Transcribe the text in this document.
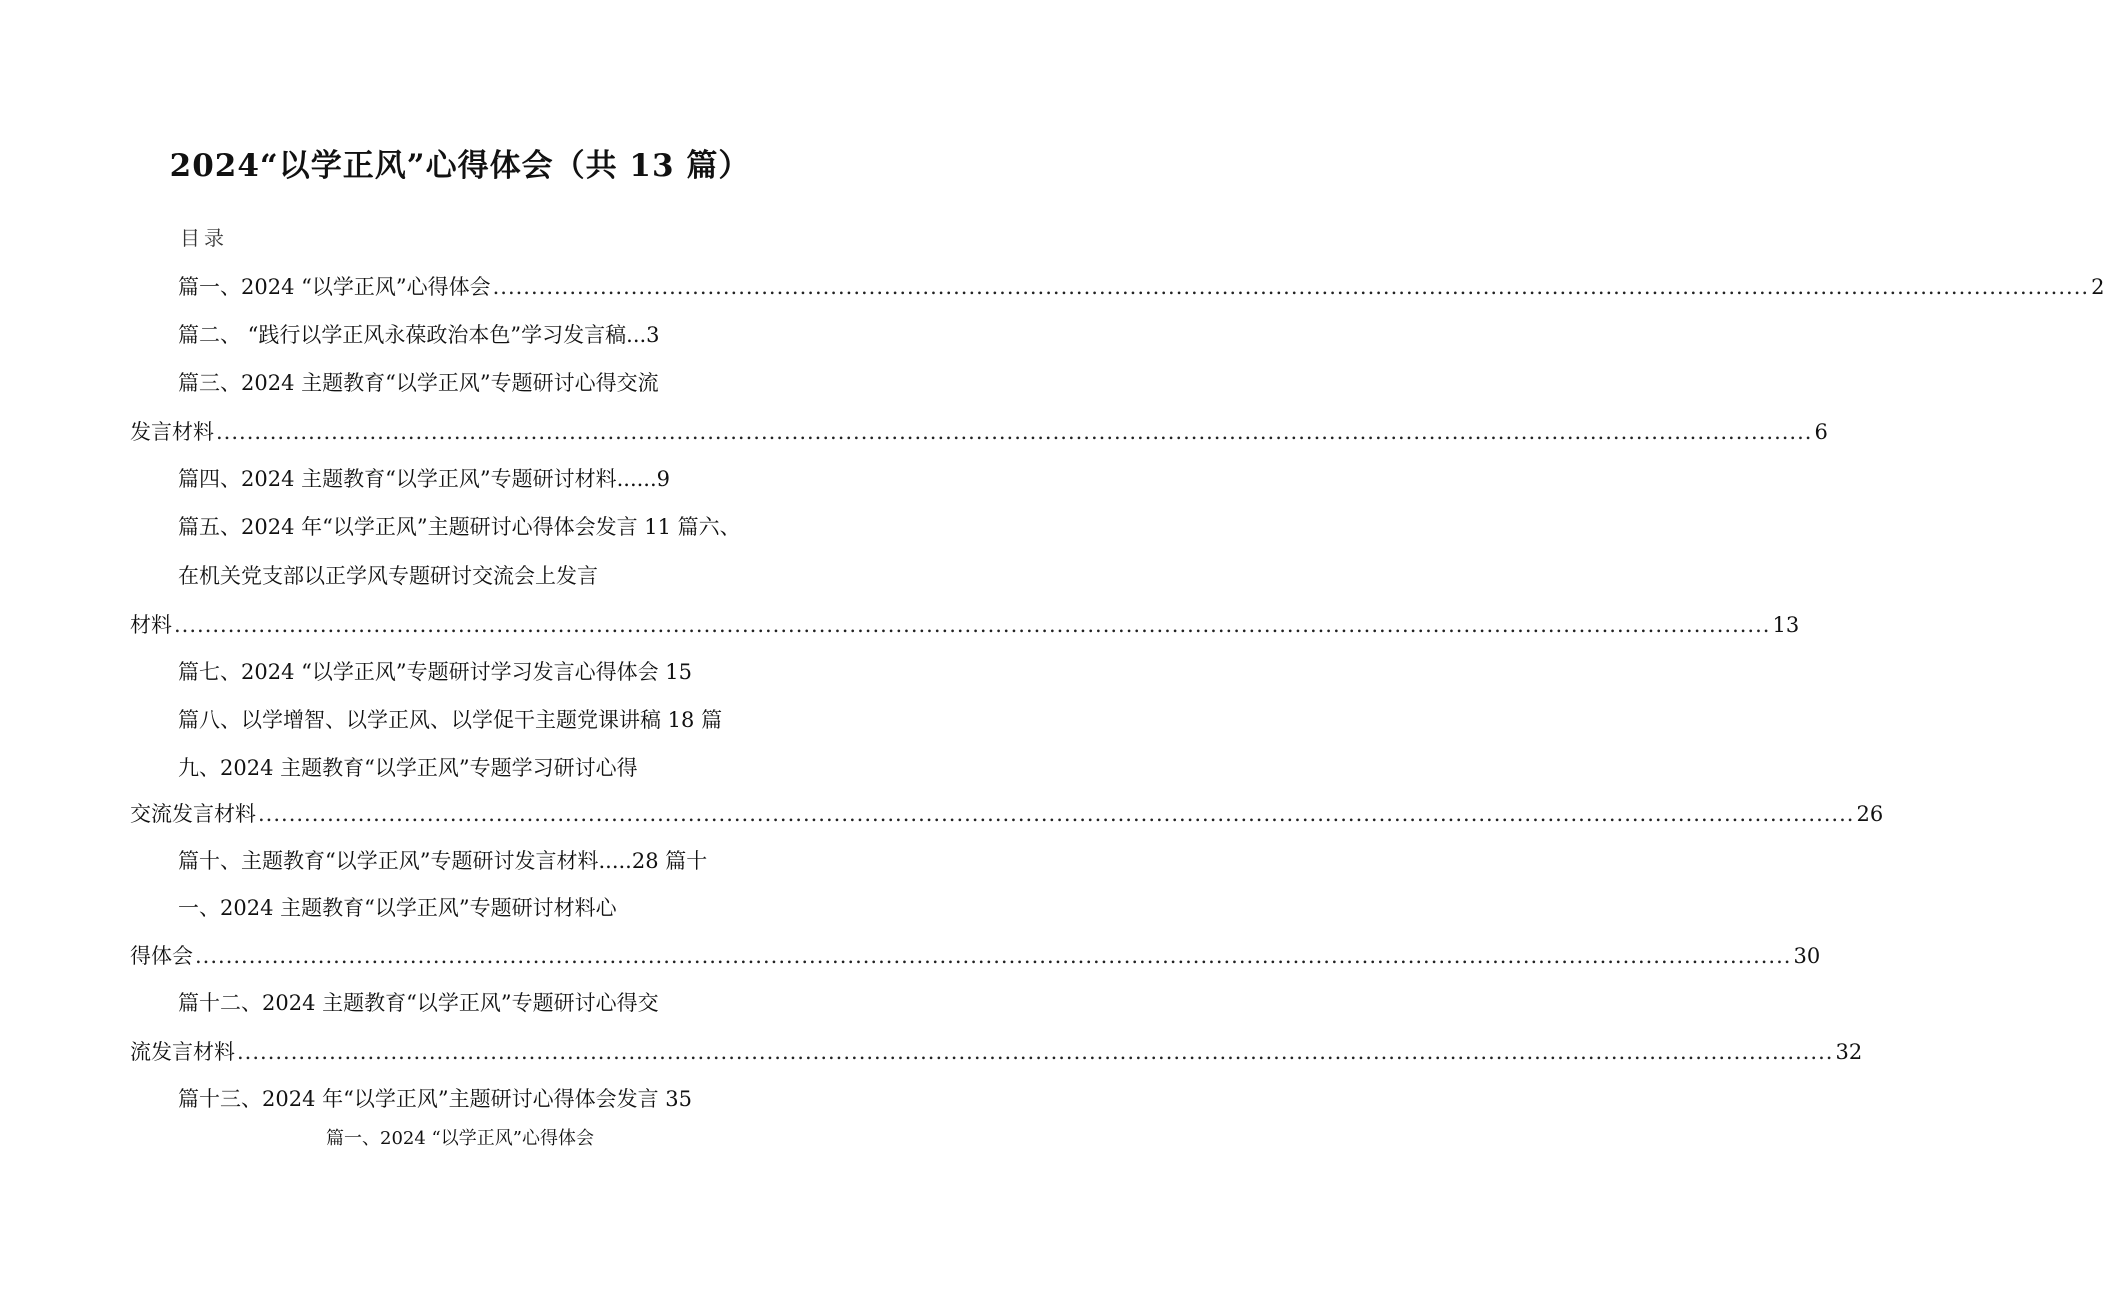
2024“以学正风”心得体会（共 13 篇）
目录
篇一、2024 “以学正风”心得体会 ................................................................................................................................................................................................................ 2
篇二、 “践行以学正风永葆政治本色”学习发言稿...3
篇三、2024 主题教育“以学正风”专题研讨心得交流
发言材料 ................................................................................................................................................................................................................ 6
篇四、2024 主题教育“以学正风”专题研讨材料......9
篇五、2024 年“以学正风”主题研讨心得体会发言 11 篇六、
在机关党支部以正学风专题研讨交流会上发言
材料 ................................................................................................................................................................................................................ 13
篇七、2024 “以学正风”专题研讨学习发言心得体会 15
篇八、以学增智、以学正风、以学促干主题党课讲稿 18 篇
九、2024 主题教育“以学正风”专题学习研讨心得
交流发言材料 ................................................................................................................................................................................................................ 26
篇十、主题教育“以学正风”专题研讨发言材料.....28 篇十
一、2024 主题教育“以学正风”专题研讨材料心
得体会 ................................................................................................................................................................................................................ 30
篇十二、2024 主题教育“以学正风”专题研讨心得交
流发言材料 ................................................................................................................................................................................................................ 32
篇十三、2024 年“以学正风”主题研讨心得体会发言 35
篇一、2024 “以学正风”心得体会
